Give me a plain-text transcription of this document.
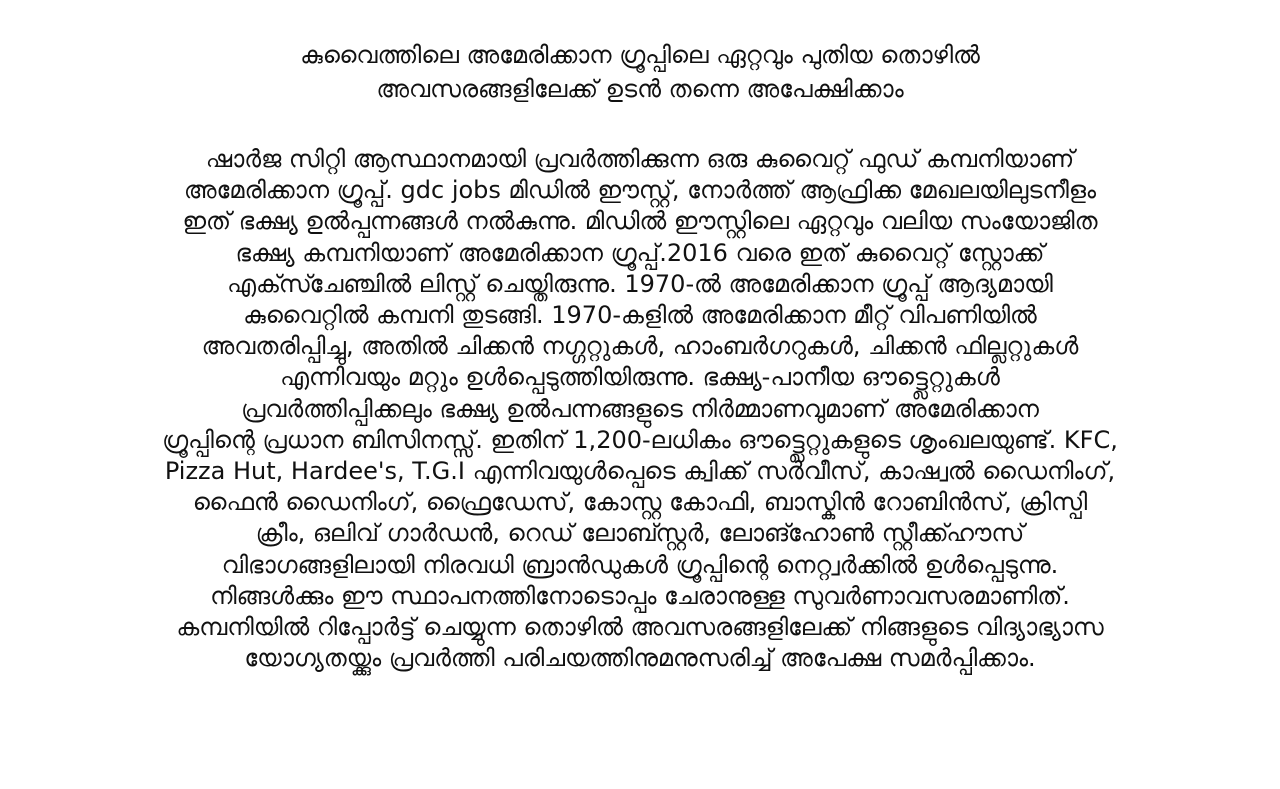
കുവൈത്തിലെ അമേരിക്കാന ഗ്രൂപ്പിലെ ഏറ്റവും പുതിയ തൊഴിൽ
അവസരങ്ങളിലേക്ക് ഉടൻ തന്നെ അപേക്ഷിക്കാം

ഷാർജ സിറ്റി ആസ്ഥാനമായി പ്രവർത്തിക്കുന്ന ഒരു കുവൈറ്റ് ഫുഡ് കമ്പനിയാണ്
അമേരിക്കാന ഗ്രൂപ്പ്. gdc jobs മിഡിൽ ഈസ്റ്റ്, നോർത്ത് ആഫ്രിക്ക മേഖലയിലുടനീളം
ഇത് ഭക്ഷ്യ ഉൽപ്പന്നങ്ങൾ നൽകുന്നു. മിഡിൽ ഈസ്റ്റിലെ ഏറ്റവും വലിയ സംയോജിത
ഭക്ഷ്യ കമ്പനിയാണ് അമേരിക്കാന ഗ്രൂപ്പ്.2016 വരെ ഇത് കുവൈറ്റ് സ്റ്റോക്ക്
എക്സ്ചേഞ്ചിൽ ലിസ്റ്റ് ചെയ്തിരുന്നു. 1970-ൽ അമേരിക്കാന ഗ്രൂപ്പ് ആദ്യമായി
കുവൈറ്റിൽ കമ്പനി തുടങ്ങി. 1970-കളിൽ അമേരിക്കാന മീറ്റ് വിപണിയിൽ
അവതരിപ്പിച്ചു, അതിൽ ചിക്കൻ നഗ്ഗറ്റുകൾ, ഹാംബർഗറുകൾ, ചിക്കൻ ഫില്ലറ്റുകൾ
എന്നിവയും മറ്റും ഉൾപ്പെടുത്തിയിരുന്നു. ഭക്ഷ്യ-പാനീയ ഔട്ട്ലെറ്റുകൾ
പ്രവർത്തിപ്പിക്കലും ഭക്ഷ്യ ഉൽപന്നങ്ങളുടെ നിർമ്മാണവുമാണ് അമേരിക്കാന
ഗ്രൂപ്പിന്റെ പ്രധാന ബിസിനസ്സ്. ഇതിന് 1,200-ലധികം ഔട്ട്ലെറ്റുകളുടെ ശൃംഖലയുണ്ട്. KFC,
Pizza Hut, Hardee's, T.G.I എന്നിവയുൾപ്പെടെ ക്വിക്ക് സർവീസ്, കാഷ്വൽ ഡൈനിംഗ്,
ഫൈൻ ഡൈനിംഗ്, ഫ്രൈഡേസ്, കോസ്റ്റ കോഫി, ബാസ്കിൻ റോബിൻസ്, ക്രിസ്പി
ക്രീം, ഒലിവ് ഗാർഡൻ, റെഡ് ലോബ്സ്റ്റർ, ലോങ്ഹോൺ സ്റ്റീക്ക്ഹൗസ്
വിഭാഗങ്ങളിലായി നിരവധി ബ്രാൻഡുകൾ ഗ്രൂപ്പിന്റെ നെറ്റ്വർക്കിൽ ഉൾപ്പെടുന്നു.
നിങ്ങൾക്കും ഈ സ്ഥാപനത്തിനോടൊപ്പം ചേരാനുള്ള സുവർണാവസരമാണിത്.
കമ്പനിയിൽ റിപ്പോർട്ട് ചെയ്യുന്ന തൊഴിൽ അവസരങ്ങളിലേക്ക് നിങ്ങളുടെ വിദ്യാഭ്യാസ
യോഗ്യതയ്ക്കും പ്രവർത്തി പരിചയത്തിനുമനുസരിച്ച് അപേക്ഷ സമർപ്പിക്കാം.
